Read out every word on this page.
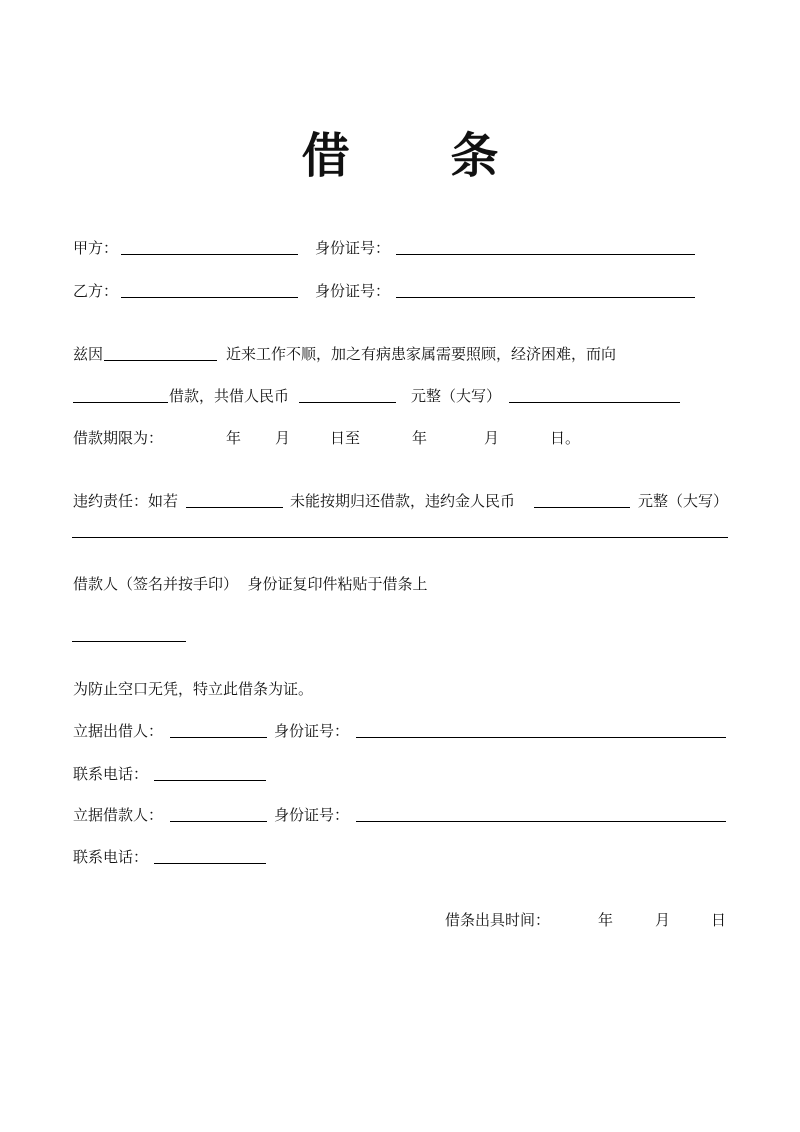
借 条
甲方：	身份证号：
乙方：	身份证号：
兹因	近来工作不顺，加之有病患家属需要照顾，经济困难，而向
借款，共借人民币	元整（大写）
借款期限为：	年 月	日至	年	月	日。
违约责任：如若	未能按期归还借款，违约金人民币	元整（大写）
借款人（签名并按手印）  身份证复印件粘贴于借条上
为防止空口无凭，特立此借条为证。
立据出借人：	身份证号：
联系电话：
立据借款人：	身份证号：
联系电话：
借条出具时间：	年	月	日
